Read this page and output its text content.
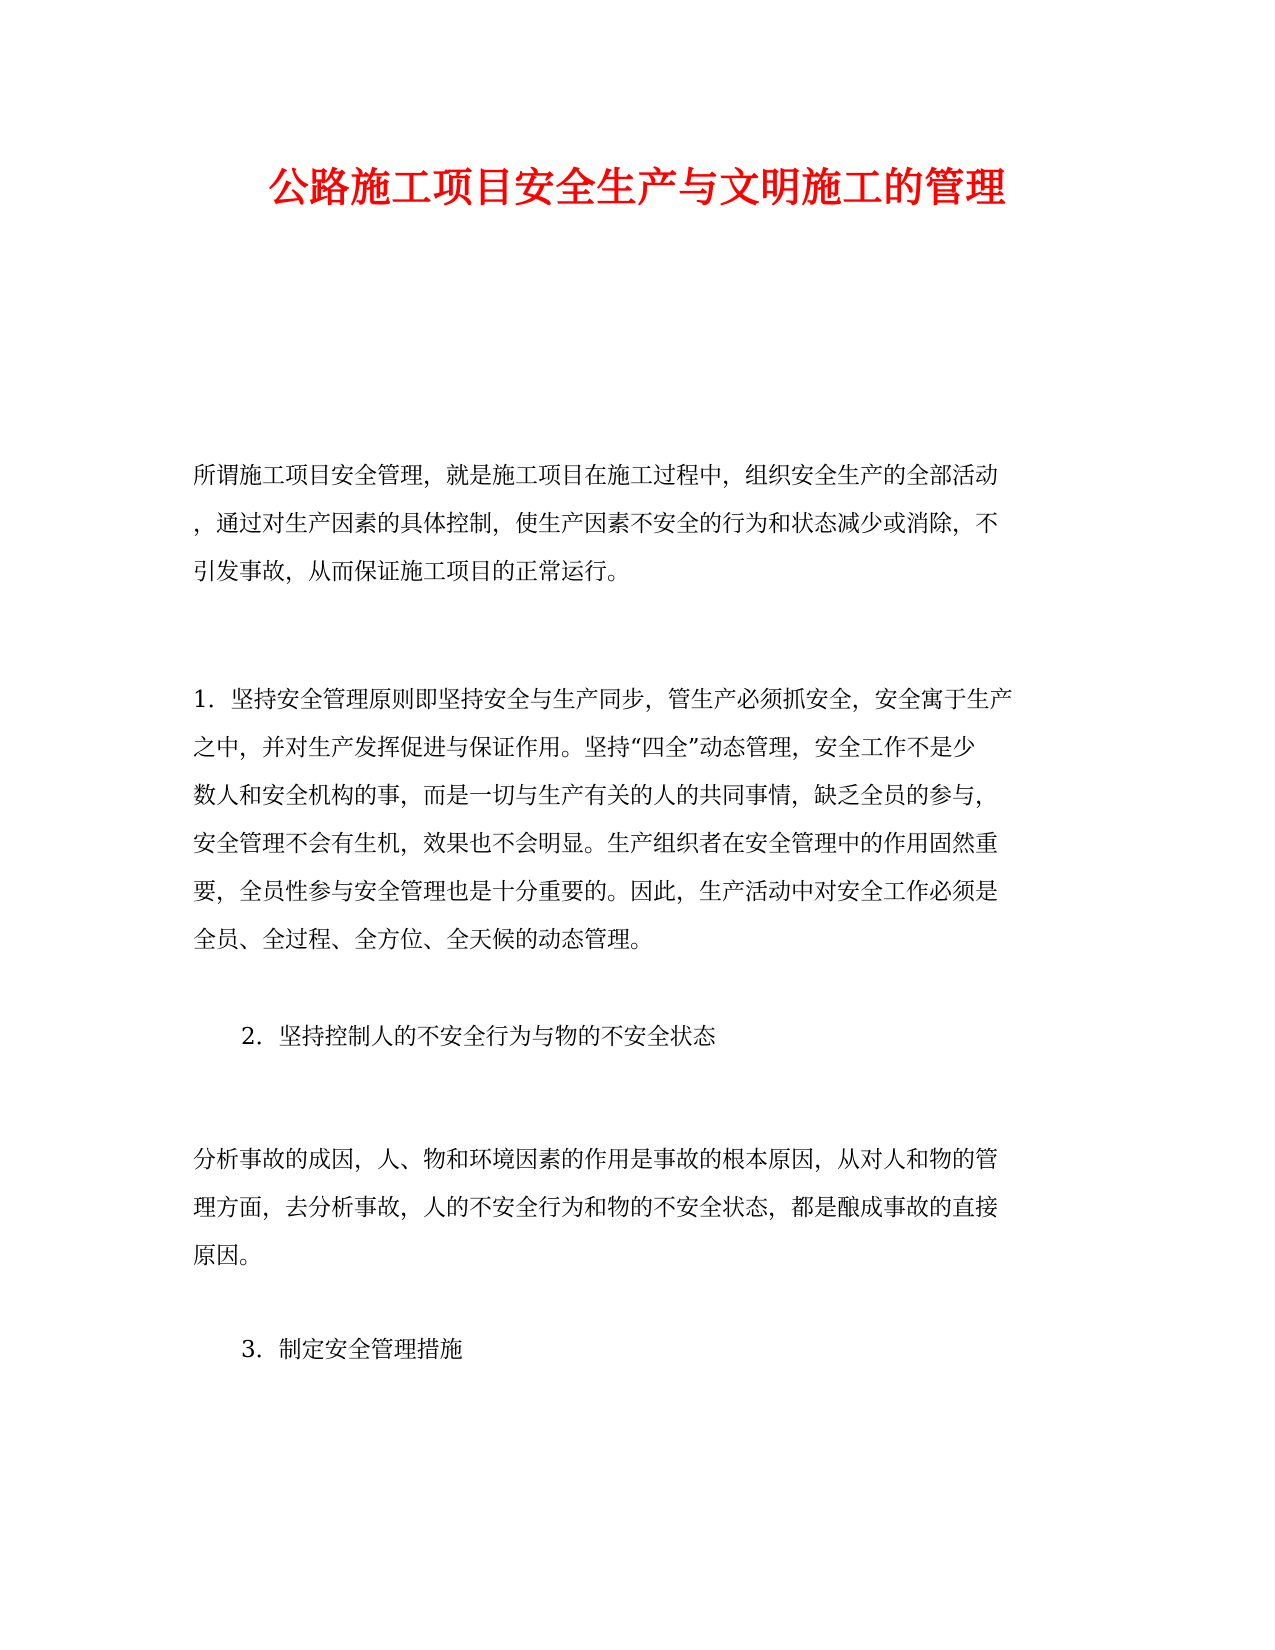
公路施工项目安全生产与文明施工的管理
所谓施工项目安全管理，就是施工项目在施工过程中，组织安全生产的全部活动
，通过对生产因素的具体控制，使生产因素不安全的行为和状态减少或消除，不
引发事故，从而保证施工项目的正常运行。
1．坚持安全管理原则即坚持安全与生产同步，管生产必须抓安全，安全寓于生产
之中，并对生产发挥促进与保证作用。坚持“四全”动态管理，安全工作不是少
数人和安全机构的事，而是一切与生产有关的人的共同事情，缺乏全员的参与，
安全管理不会有生机，效果也不会明显。生产组织者在安全管理中的作用固然重
要，全员性参与安全管理也是十分重要的。因此，生产活动中对安全工作必须是
全员、全过程、全方位、全天候的动态管理。

2．坚持控制人的不安全行为与物的不安全状态

分析事故的成因，人、物和环境因素的作用是事故的根本原因，从对人和物的管
理方面，去分析事故，人的不安全行为和物的不安全状态，都是酿成事故的直接
原因。

3．制定安全管理措施
